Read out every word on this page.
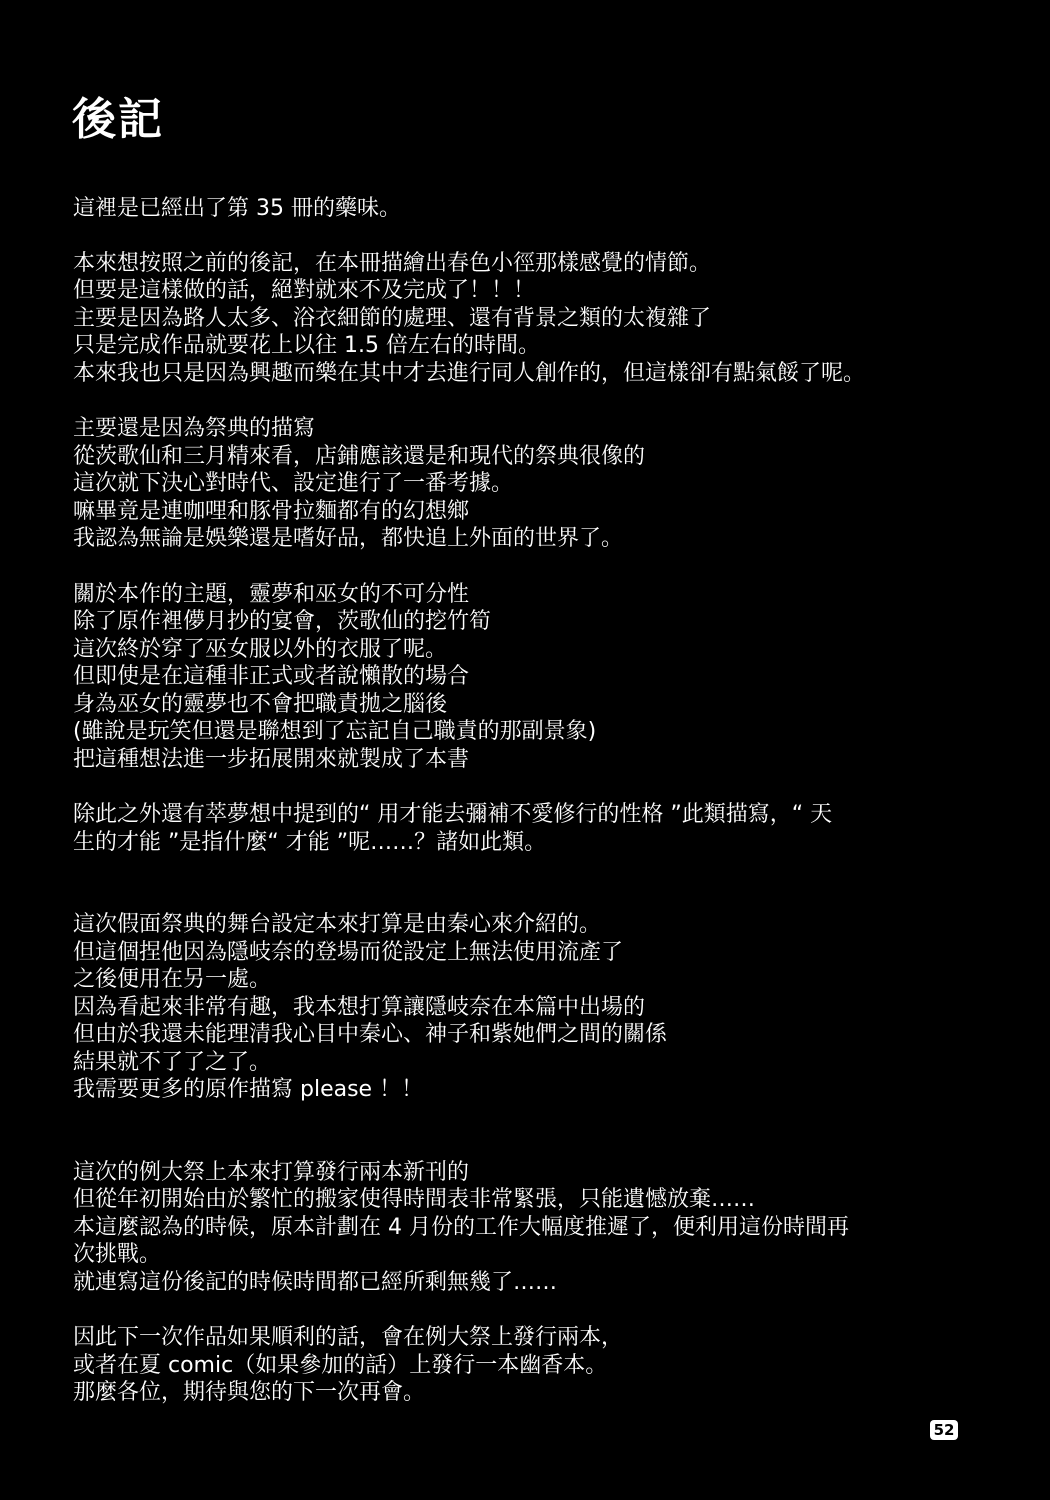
後記
這裡是已經出了第 35 冊的藥味。
本來想按照之前的後記，在本冊描繪出春色小徑那樣感覺的情節。
但要是這樣做的話，絕對就來不及完成了！！！
主要是因為路人太多、浴衣細節的處理、還有背景之類的太複雜了
只是完成作品就要花上以往 1.5 倍左右的時間。
本來我也只是因為興趣而樂在其中才去進行同人創作的，但這樣卻有點氣餒了呢。
主要還是因為祭典的描寫
從茨歌仙和三月精來看，店鋪應該還是和現代的祭典很像的
這次就下決心對時代、設定進行了一番考據。
嘛畢竟是連咖哩和豚骨拉麵都有的幻想鄉
我認為無論是娛樂還是嗜好品，都快追上外面的世界了。
關於本作的主題，靈夢和巫女的不可分性
除了原作裡儚月抄的宴會，茨歌仙的挖竹筍
這次終於穿了巫女服以外的衣服了呢。
但即使是在這種非正式或者說懶散的場合
身為巫女的靈夢也不會把職責拋之腦後
(雖說是玩笑但還是聯想到了忘記自己職責的那副景象)
把這種想法進一步拓展開來就製成了本書
除此之外還有萃夢想中提到的“ 用才能去彌補不愛修行的性格 ”此類描寫，“ 天
生的才能 ”是指什麼“ 才能 ”呢……？諸如此類。
這次假面祭典的舞台設定本來打算是由秦心來介紹的。
但這個捏他因為隱岐奈的登場而從設定上無法使用流產了
之後便用在另一處。
因為看起來非常有趣，我本想打算讓隱岐奈在本篇中出場的
但由於我還未能理清我心目中秦心、神子和紫她們之間的關係
結果就不了了之了。
我需要更多的原作描寫 please ！！
這次的例大祭上本來打算發行兩本新刊的
但從年初開始由於繁忙的搬家使得時間表非常緊張，只能遺憾放棄……
本這麼認為的時候，原本計劃在 4 月份的工作大幅度推遲了，便利用這份時間再
次挑戰。
就連寫這份後記的時候時間都已經所剩無幾了……
因此下一次作品如果順利的話，會在例大祭上發行兩本，
或者在夏 comic（如果參加的話）上發行一本幽香本。
那麼各位，期待與您的下一次再會。
52
